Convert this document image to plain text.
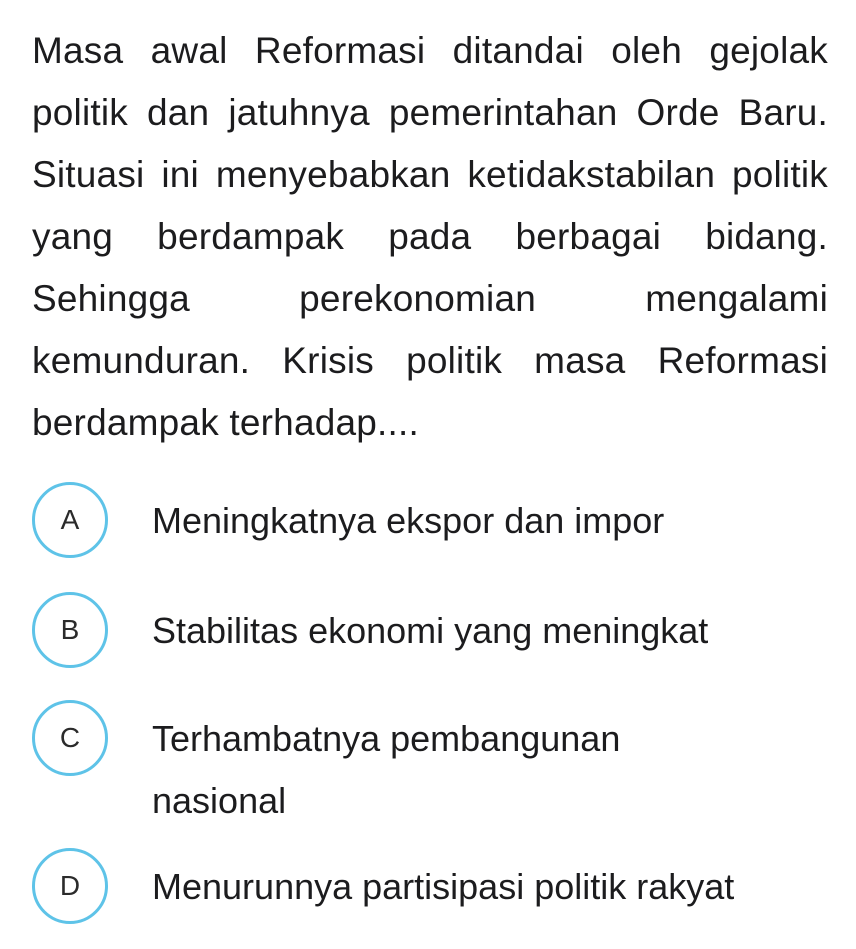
Masa awal Reformasi ditandai oleh gejolak politik dan jatuhnya pemerintahan Orde Baru. Situasi ini menyebabkan ketidakstabilan politik yang berdampak pada berbagai bidang. Sehingga perekonomian mengalami kemunduran. Krisis politik masa Reformasi berdampak terhadap....
A	Meningkatnya ekspor dan impor
B	Stabilitas ekonomi yang meningkat
C	Terhambatnya pembangunan nasional
D	Menurunnya partisipasi politik rakyat
